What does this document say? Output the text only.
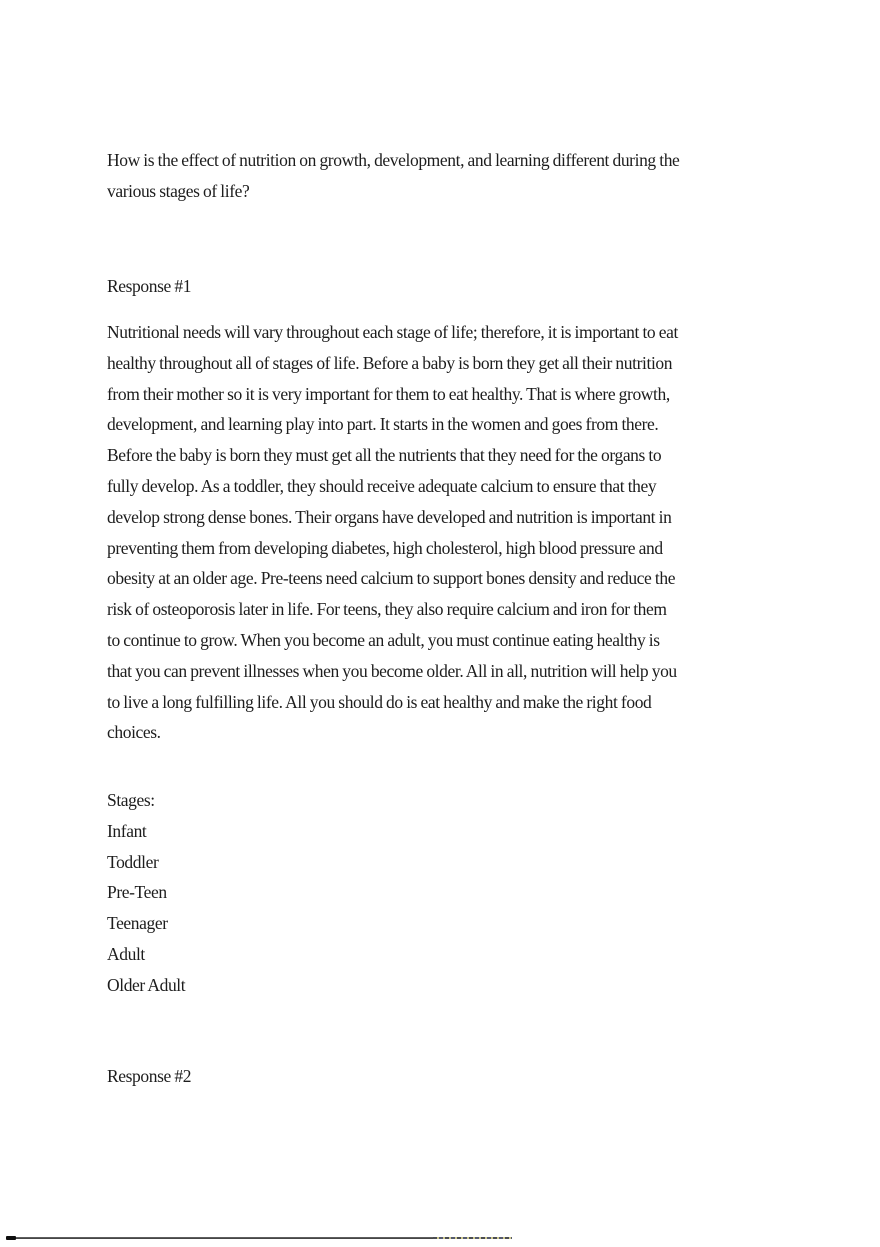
How is the effect of nutrition on growth, development, and learning different during the
various stages of life?
Response #1
Nutritional needs will vary throughout each stage of life; therefore, it is important to eat
healthy throughout all of stages of life. Before a baby is born they get all their nutrition
from their mother so it is very important for them to eat healthy. That is where growth,
development, and learning play into part. It starts in the women and goes from there.
Before the baby is born they must get all the nutrients that they need for the organs to
fully develop. As a toddler, they should receive adequate calcium to ensure that they
develop strong dense bones. Their organs have developed and nutrition is important in
preventing them from developing diabetes, high cholesterol, high blood pressure and
obesity at an older age. Pre-teens need calcium to support bones density and reduce the
risk of osteoporosis later in life. For teens, they also require calcium and iron for them
to continue to grow. When you become an adult, you must continue eating healthy is
that you can prevent illnesses when you become older. All in all, nutrition will help you
to live a long fulfilling life. All you should do is eat healthy and make the right food
choices.
Stages:
Infant
Toddler
Pre-Teen
Teenager
Adult
Older Adult
Response #2
